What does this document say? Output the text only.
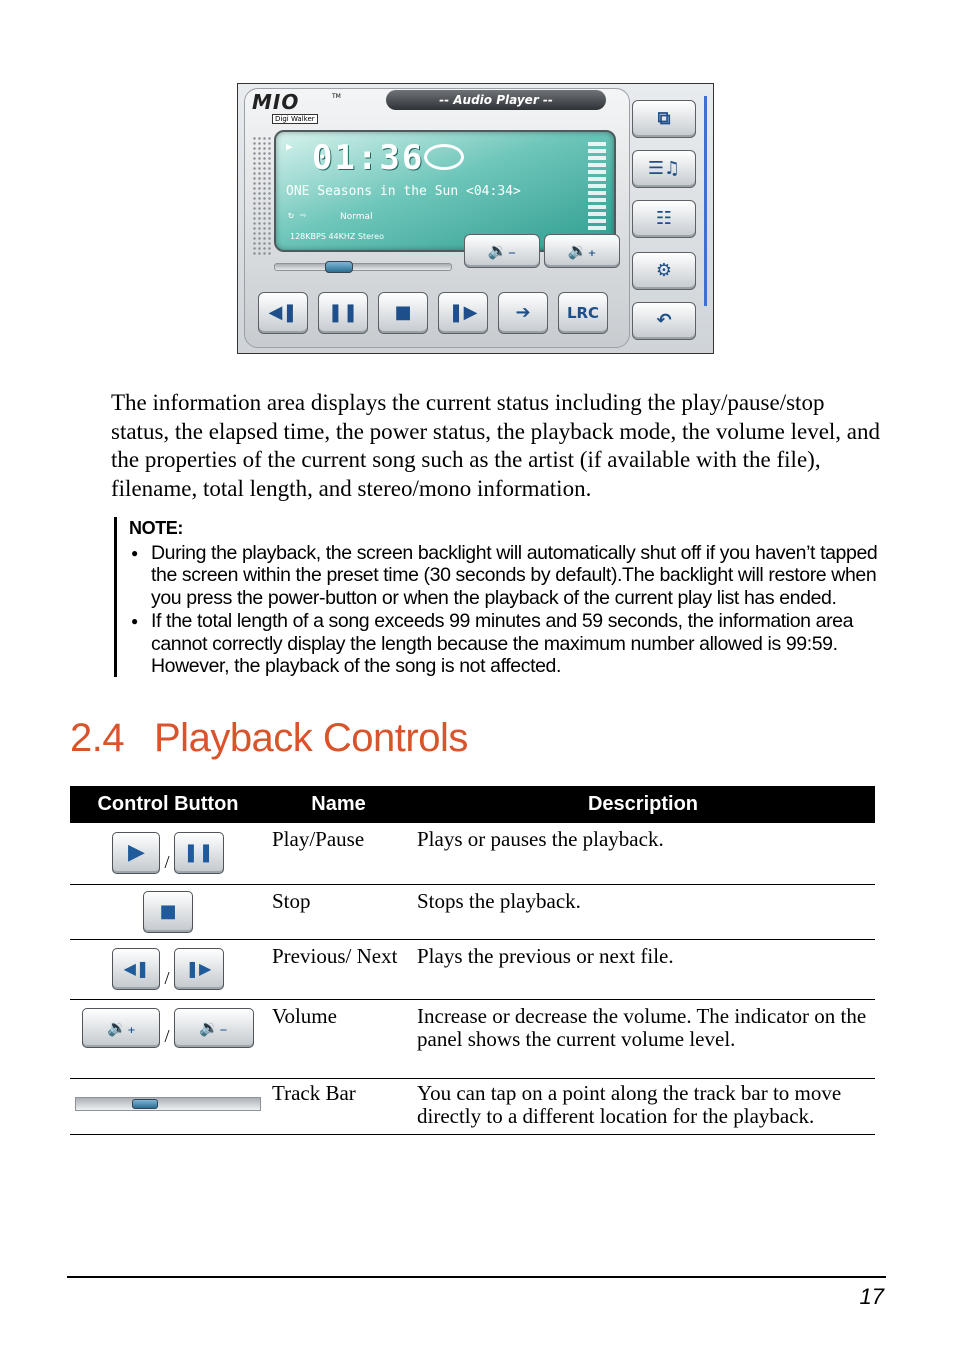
MIO	TM
Digi Walker
-- Audio Player --
▶ 01:36
ONE Seasons in the Sun <04:34>
↻ ⇨	Normal
128KBPS 44KHZ Stereo
🔉₋	🔉₊
◀❚	❚❚	■	❚▶	➔	LRC
⧉
☰♫
☷
⚙
↶

The information area displays the current status including the play/pause/stop status, the elapsed time, the power status, the playback mode, the volume level, and the properties of the current song such as the artist (if available with the file), filename, total length, and stereo/mono information.

NOTE:

● During the playback, the screen backlight will automatically shut off if you haven’t tapped the screen within the preset time (30 seconds by default).The backlight will restore when you press the power-button or when the playback of the current play list has ended.
● If the total length of a song exceeds 99 minutes and 59 seconds, the information area cannot correctly display the length because the maximum number allowed is 99:59. However, the playback of the song is not affected.
2.4 Playback Controls
Control Button	Name	Description
▶ / ❚❚	Play/Pause	Plays or pauses the playback.
■	Stop	Stops the playback.
◀❚ / ❚▶	Previous/ Next	Plays the previous or next file.
🔉₊ / 🔉₋	Volume	Increase or decrease the volume. The indicator on the panel shows the current volume level.

	Track Bar	You can tap on a point along the track bar to move directly to a different location for the playback.
17
